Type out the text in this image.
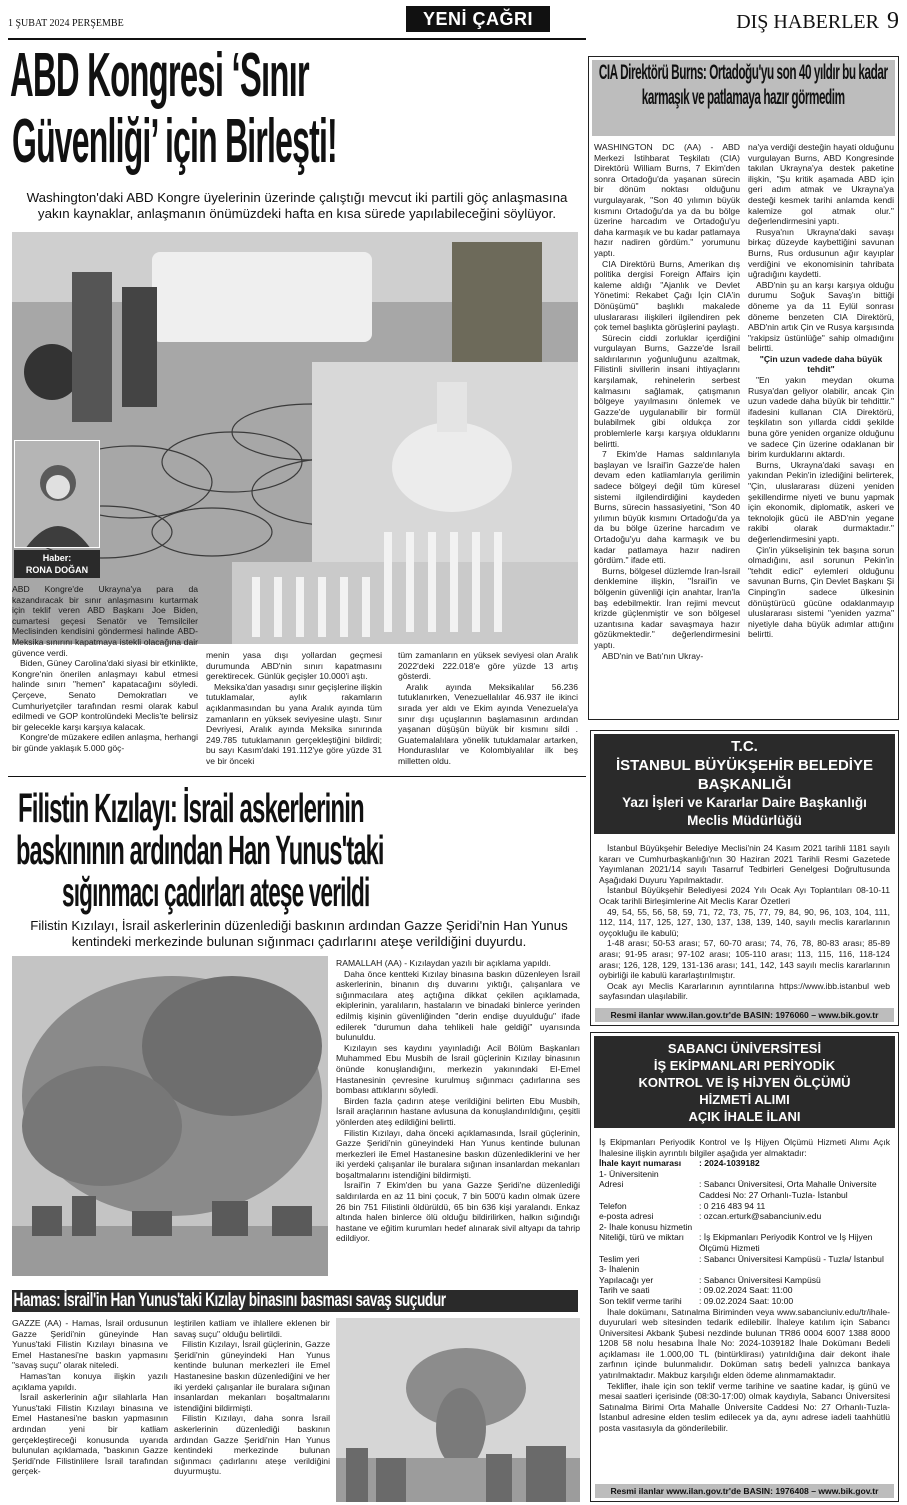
1 ŞUBAT 2024 PERŞEMBE	YENİ ÇAĞRI	DIŞ HABERLER 9
ABD Kongresi ‘Sınır
Güvenliği’ için Birleşti!
Washington'daki ABD Kongre üyelerinin üzerinde çalıştığı mevcut iki partili göç anlaşmasına yakın kaynaklar, anlaşmanın önümüzdeki hafta en kısa sürede yapılabileceğini söylüyor.
Haber:
RONA DOĞAN

ABD Kongre'de Ukrayna'ya para da kazandıracak bir sınır anlaşmasını kurtarmak için teklif veren ABD Başkanı Joe Biden, cumartesi geçesi Senatör ve Temsilciler Meclisinden kendisini göndermesi halinde ABD-Meksika sınırını kapatmaya istekli olacağına dair güvence verdi.

Biden, Güney Carolina'daki siyasi bir etkinlikte, Kongre'nin önerilen anlaşmayı kabul etmesi halinde sınırı "hemen" kapatacağını söyledi. Çerçeve, Senato Demokratları ve Cumhuriyetçiler tarafından resmi olarak kabul edilmedi ve GOP kontrolündeki Meclis'te belirsiz bir gelecekle karşı karşıya kalacak.

Kongre'de müzakere edilen anlaşma, herhangi bir günde yaklaşık 5.000 göç-

menin yasa dışı yollardan geçmesi durumunda ABD'nin sınırı kapatmasını gerektirecek. Günlük geçişler 10.000'i aştı.

Meksika'dan yasadışı sınır geçişlerine ilişkin tutuklamalar, aylık rakamların açıklanmasından bu yana Aralık ayında tüm zamanların en yüksek seviyesine ulaştı. Sınır Devriyesi, Aralık ayında Meksika sınırında 249.785 tutuklamanın gerçekleştiğini bildirdi; bu sayı Kasım'daki 191.112'ye göre yüzde 31 ve bir önceki

tüm zamanların en yüksek seviyesi olan Aralık 2022'deki 222.018'e göre yüzde 13 artış gösterdi.

Aralık ayında Meksikalılar 56.236 tutuklanırken, Venezuellalılar 46.937 ile ikinci sırada yer aldı ve Ekim ayında Venezuela'ya sınır dışı uçuşlarının başlamasının ardından yaşanan düşüşün büyük bir kısmını sildi . Guatemalalılara yönelik tutuklamalar artarken, Honduraslılar ve Kolombiyalılar ilk beş milletten oldu.

CIA Direktörü Burns: Ortadoğu'yu son 40 yıldır bu kadar karmaşık ve patlamaya hazır görmedim

WASHINGTON DC (AA) - ABD Merkezi İstihbarat Teşkilatı (CIA) Direktörü William Burns, 7 Ekim'den sonra Ortadoğu'da yaşanan sürecin bir dönüm noktası olduğunu vurgulayarak, "Son 40 yılımın büyük kısmını Ortadoğu'da ya da bu bölge üzerine harcadım ve Ortadoğu'yu daha karmaşık ve bu kadar patlamaya hazır nadiren gördüm." yorumunu yaptı.

CIA Direktörü Burns, Amerikan dış politika dergisi Foreign Affairs için kaleme aldığı "Ajanlık ve Devlet Yönetimi: Rekabet Çağı İçin CIA'in Dönüşümü" başlıklı makalede uluslararası ilişkileri ilgilendiren pek çok temel başlıkta görüşlerini paylaştı.

Sürecin ciddi zorluklar içerdiğini vurgulayan Burns, Gazze'de İsrail saldırılarının yoğunluğunu azaltmak, Filistinli sivillerin insani ihtiyaçlarını karşılamak, rehinelerin serbest kalmasını sağlamak, çatışmanın bölgeye yayılmasını önlemek ve Gazze'de uygulanabilir bir formül bulabilmek gibi oldukça zor problemlerle karşı karşıya olduklarını belirtti.

7 Ekim'de Hamas saldırılarıyla başlayan ve İsrail'in Gazze'de halen devam eden katliamlarıyla gerilimin sadece bölgeyi değil tüm küresel sistemi ilgilendirdiğini kaydeden Burns, sürecin hassasiyetini, "Son 40 yılımın büyük kısmını Ortadoğu'da ya da bu bölge üzerine harcadım ve Ortadoğu'yu daha karmaşık ve bu kadar patlamaya hazır nadiren gördüm." ifade etti.

Burns, bölgesel düzlemde İran-İsrail denklemine ilişkin, "İsrail'in ve bölgenin güvenliği için anahtar, İran'la baş edebilmektir. İran rejimi mevcut krizde güçlenmiştir ve son bölgesel uzantısına kadar savaşmaya hazır gözükmektedir." değerlendirmesini yaptı.

ABD'nin ve Batı'nın Ukray-

na'ya verdiği desteğin hayati olduğunu vurgulayan Burns, ABD Kongresinde takılan Ukrayna'ya destek paketine ilişkin, "Şu kritik aşamada ABD için geri adım atmak ve Ukrayna'ya desteği kesmek tarihi anlamda kendi kalemize gol atmak olur." değerlendirmesini yaptı.

Rusya'nın Ukrayna'daki savaşı birkaç düzeyde kaybettiğini savunan Burns, Rus ordusunun ağır kayıplar verdiğini ve ekonomisinin tahribata uğradığını kaydetti.

ABD'nin şu an karşı karşıya olduğu durumu Soğuk Savaş'ın bittiği döneme ya da 11 Eylül sonrası döneme benzeten CIA Direktörü, ABD'nin artık Çin ve Rusya karşısında "rakipsiz üstünlüğe" sahip olmadığını belirtti.

"Çin uzun vadede daha büyük tehdit"

"En yakın meydan okuma Rusya'dan geliyor olabilir, ancak Çin uzun vadede daha büyük bir tehdittir." ifadesini kullanan CIA Direktörü, teşkilatın son yıllarda ciddi şekilde buna göre yeniden organize olduğunu ve sadece Çin üzerine odaklanan bir birim kurduklarını aktardı.

Burns, Ukrayna'daki savaşı en yakından Pekin'in izlediğini belirterek, "Çin, uluslararası düzeni yeniden şekillendirme niyeti ve bunu yapmak için ekonomik, diplomatik, askeri ve teknolojik gücü ile ABD'nin yegane rakibi olarak durmaktadır." değerlendirmesini yaptı.

Çin'in yükselişinin tek başına sorun olmadığını, asıl sorunun Pekin'in "tehdit edici" eylemleri olduğunu savunan Burns, Çin Devlet Başkanı Şi Cinping'in sadece ülkesinin dönüştürücü gücüne odaklanmayıp uluslararası sistemi "yeniden yazma" niyetiyle daha büyük adımlar attığını belirtti.

Filistin Kızılayı: İsrail askerlerinin
baskınının ardından Han Yunus'taki
sığınmacı çadırları ateşe verildi
Filistin Kızılayı, İsrail askerlerinin düzenlediği baskının ardından Gazze Şeridi'nin Han Yunus kentindeki merkezinde bulunan sığınmacı çadırlarını ateşe verildiğini duyurdu.

RAMALLAH (AA) - Kızılaydan yazılı bir açıklama yapıldı.

Daha önce kentteki Kızılay binasına baskın düzenleyen İsrail askerlerinin, binanın dış duvarını yıktığı, çalışanlara ve sığınmacılara ateş açtığına dikkat çekilen açıklamada, ekiplerinin, yaralıların, hastaların ve binadaki binlerce yerinden edilmiş kişinin güvenliğinden "derin endişe duyulduğu" ifade edilerek "durumun daha tehlikeli hale geldiği" uyarısında bulunuldu.

Kızılayın ses kaydını yayınladığı Acil Bölüm Başkanları Muhammed Ebu Musbih de İsrail güçlerinin Kızılay binasının önünde konuşlandığını, merkezin yakınındaki El-Emel Hastanesinin çevresine kurulmuş sığınmacı çadırlarına ses bombası attıklarını söyledi.

Birden fazla çadırın ateşe verildiğini belirten Ebu Musbih, İsrail araçlarının hastane avlusuna da konuşlandırıldığını, çeşitli yönlerden ateş edildiğini belirtti.

Filistin Kızılayı, daha önceki açıklamasında, İsrail güçlerinin, Gazze Şeridi'nin güneyindeki Han Yunus kentinde bulunan merkezleri ile Emel Hastanesine baskın düzenlediklerini ve her iki yerdeki çalışanlar ile buralara sığınan insanlardan mekanları boşaltmalarını istendiğini bildirmişti.

İsrail'in 7 Ekim'den bu yana Gazze Şeridi'ne düzenlediği saldırılarda en az 11 bini çocuk, 7 bin 500'ü kadın olmak üzere 26 bin 751 Filistinli öldürüldü, 65 bin 636 kişi yaralandı. Enkaz altında halen binlerce ölü olduğu bildirilirken, halkın sığındığı hastane ve eğitim kurumları hedef alınarak sivil altyapı da tahrip edildiyor.

Hamas: İsrail'in Han Yunus'taki Kızılay binasını basması savaş suçudur

GAZZE (AA) - Hamas, İsrail ordusunun Gazze Şeridi'nin güneyinde Han Yunus'taki Filistin Kızılayı binasına ve Emel Hastanesi'ne baskın yapmasını "savaş suçu" olarak niteledi.

Hamas'tan konuya ilişkin yazılı açıklama yapıldı.

İsrail askerlerinin ağır silahlarla Han Yunus'taki Filistin Kızılayı binasına ve Emel Hastanesi'ne baskın yapmasının ardından yeni bir katliam gerçekleştireceği konusunda uyarıda bulunulan açıklamada, "baskının Gazze Şeridi'nde Filistinlilere İsrail tarafından gerçek-

leştirilen katliam ve ihlallere eklenen bir savaş suçu" olduğu belirtildi.

Filistin Kızılayı, İsrail güçlerinin, Gazze Şeridi'nin güneyindeki Han Yunus kentinde bulunan merkezleri ile Emel Hastanesine baskın düzenlediğini ve her iki yerdeki çalışanlar ile buralara sığınan insanlardan mekanları boşaltmalarını istendiğini bildirmişti.

Filistin Kızılayı, daha sonra İsrail askerlerinin düzenlediği baskının ardından Gazze Şeridi'nin Han Yunus kentindeki merkezinde bulunan sığınmacı çadırlarını ateşe verildiğini duyurmuştu.

T.C.
İSTANBUL BÜYÜKŞEHİR BELEDİYE
BAŞKANLIĞI
Yazı İşleri ve Kararlar Daire Başkanlığı
Meclis Müdürlüğü

İstanbul Büyükşehir Belediye Meclisi'nin 24 Kasım 2021 tarihli 1181 sayılı kararı ve Cumhurbaşkanlığı'nın 30 Haziran 2021 Tarihli Resmi Gazetede Yayımlanan 2021/14 sayılı Tasarruf Tedbirleri Genelgesi Doğrultusunda Aşağıdaki Duyuru Yapılmaktadır.

İstanbul Büyükşehir Belediyesi 2024 Yılı Ocak Ayı Toplantıları 08-10-11 Ocak tarihli Birleşimlerine Ait Meclis Karar Özetleri

49, 54, 55, 56, 58, 59, 71, 72, 73, 75, 77, 79, 84, 90, 96, 103, 104, 111, 112, 114, 117, 125, 127, 130, 137, 138, 139, 140, sayılı meclis kararlarının oyçokluğu ile kabulü;

1-48 arası; 50-53 arası; 57, 60-70 arası; 74, 76, 78, 80-83 arası; 85-89 arası; 91-95 arası; 97-102 arası; 105-110 arası; 113, 115, 116, 118-124 arası; 126, 128, 129, 131-136 arası; 141, 142, 143 sayılı meclis kararlarının oybirliği ile kabulü kararlaştırılmıştır.

Ocak ayı Meclis Kararlarının ayrıntılarına https://www.ibb.istanbul web sayfasından ulaşılabilir.

Resmi ilanlar www.ilan.gov.tr'de BASIN: 1976060 – www.bik.gov.tr
SABANCI ÜNİVERSİTESİ
İŞ EKİPMANLARI PERİYODİK
KONTROL VE İŞ HİJYEN ÖLÇÜMÜ
HİZMETİ ALIMI
AÇIK İHALE İLANI
İş Ekipmanları Periyodik Kontrol ve İş Hijyen Ölçümü Hizmeti Alımı Açık İhalesine ilişkin ayrıntılı bilgiler aşağıda yer almaktadır:
İhale kayıt numarası	: 2024-1039182
1- Üniversitenin
Adresi	: Sabancı Üniversitesi, Orta Mahalle Üniversite Caddesi No: 27 Orhanlı-Tuzla- İstanbul
Telefon	: 0 216 483 94 11
e-posta adresi	: ozcan.erturk@sabanciuniv.edu
2- İhale konusu hizmetin
Niteliği, türü ve miktarı	: İş Ekipmanları Periyodik Kontrol ve İş Hijyen Ölçümü Hizmeti
Teslim yeri	: Sabancı Üniversitesi Kampüsü - Tuzla/ İstanbul
3- İhalenin
Yapılacağı yer	: Sabancı Üniversitesi Kampüsü
Tarih ve saati	: 09.02.2024 Saat: 11:00
Son teklif verme tarihi	: 09.02.2024 Saat: 10:00

İhale dokümanı, Satınalma Biriminden veya www.sabanciuniv.edu/tr/ihale-duyurulari web sitesinden tedarik edilebilir. İhaleye katılım için Sabancı Üniversitesi Akbank Şubesi nezdinde bulunan TR86 0004 6007 1388 8000 1208 58 nolu hesabına İhale No: 2024-1039182 İhale Dokümanı Bedeli açıklaması ile 1.000,00 TL (bintürklirası) yatırıldığına dair dekont ihale zarfının içinde bulunmalıdır. Doküman satış bedeli yalnızca bankaya yatırılmaktadır. Makbuz karşılığı elden ödeme alınmamaktadır.

Teklifler, ihale için son teklif verme tarihine ve saatine kadar, iş günü ve mesai saatleri içerisinde (08:30-17:00) olmak kaydıyla, Sabancı Üniversitesi Satınalma Birimi Orta Mahalle Üniversite Caddesi No: 27 Orhanlı-Tuzla-İstanbul adresine elden teslim edilecek ya da, aynı adrese iadeli taahhütlü posta vasıtasıyla da gönderilebilir.

Resmi ilanlar www.ilan.gov.tr'de BASIN: 1976408 – www.bik.gov.tr
